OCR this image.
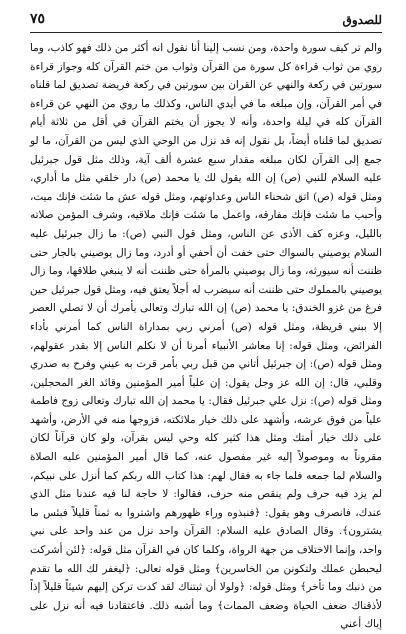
للصدوق
٧٥

والم تر كيف سورة واحدة، ومن نسب إلينا أنا نقول انه أكثر من ذلك فهو كاذب، وما روي من ثواب قراءة كل سورة من القرآن وثواب من ختم القرآن كله وجواز قراءة سورتين في ركعة والنهي عن القران بين سورتين في ركعة فريضة تصديق لما قلناه في أمر القرآن، وإن مبلغه ما في أيدي الناس، وكذلك ما روي من النهي عن قراءة القرآن كله في ليلة واحدة، وأنه لا يجوز أن يختم القرآن في أقل من ثلاثة أيام تصديق لما قلناه أيضاً، بل نقول إنه قد نزل من الوحي الذي ليس من القرآن، ما لو جمع إلى القرآن لكان مبلغه مقدار سبع عشرة ألف آية، وذلك مثل قول جبرئيل عليه السلام للنبي (ص) إن الله يقول لك يا محمد (ص) دار خلقي مثل ما أداري، ومثل قوله (ص) اتق شحناء الناس وعداوتهم، ومثل قوله عش ما شئت فإنك ميت، وأحبب ما شئت فإنك مفارقه، واعمل ما شئت فإنك ملاقيه، وشرف المؤمن صلاته بالليل، وعزه كف الأذى عن الناس، ومثل قول النبي (ص): ما زال جبرئيل عليه السلام يوصيني بالسواك حتى خفت أن أحفي أو أدرد، وما زال يوصيني بالجار حتى ظننت أنه سيورثه، وما زال يوصيني بالمرأة حتى ظننت أنه لا ينبغي طلاقها، وما زال يوصيني بالمملوك حتى ظننت أنه سيضرب له أجلاً يعتق فيه، ومثل قول جبرئيل حين فرغ من غزو الخندق: يا محمد (ص) إن الله تبارك وتعالى يأمرك أن لا تصلي العصر إلا ببني قريظة، ومثل قوله (ص) أمرني ربي بمداراة الناس كما أمرني بأداء الفرائض، ومثل قوله: إنا معاشر الأنبياء أمرنا أن لا نكلم الناس إلا بقدر عقولهم، ومثل قوله (ص): إن جبرئيل أتاني من قبل ربي بأمر قرت به عيني وفرح به صدري وقلبي، قال: إن الله عز وجل يقول: إن علياً أمير المؤمنين وقائد الغر المحجلين، ومثل قوله (ص): نزل علي جبرئيل فقال: يا محمد إن الله تبارك وتعالى زوج فاطمة علياً من فوق عرشه، وأشهد على ذلك خيار ملائكته، فزوجها منه في الأرض، وأشهد على ذلك خيار أمتك ومثل هذا كثير كله وحي ليس بقرآن، ولو كان قرآناً لكان مقروناً به وموصولاً إليه غير مفصول عنه، كما قال أمير المؤمنين عليه الصلاة والسلام لما جمعه فلما جاء به فقال لهم: هذا كتاب الله ربكم كما أنزل على نبيكم، لم يزد فيه حرف ولم ينقص منه حرف، فقالوا: لا حاجة لنا فيه عندنا مثل الذي عندك، فانصرف وهو يقول: ﴿فنبذوه وراء ظهورهم واشتروا به ثمناً قليلاً فبئس ما يشترون﴾. وقال الصادق عليه السلام: القرآن واحد نزل من عند واحد على نبي واحد، وإنما الاختلاف من جهة الرواة، وكلما كان في القرآن مثل قوله: ﴿لئن أشركت ليحبطن عملك ولتكونن من الخاسرين﴾ ومثل قوله تعالى: ﴿ليغفر لك الله ما تقدم من ذنبك وما تأخر﴾ ومثل قوله: ﴿ولولا أن ثبتناك لقد كدت تركن إليهم شيئاً قليلاً إذاً لأذقناك ضعف الحياة وضعف الممات﴾ وما أشبه ذلك. فاعتقادنا فيه أنه نزل على إياك أعني
